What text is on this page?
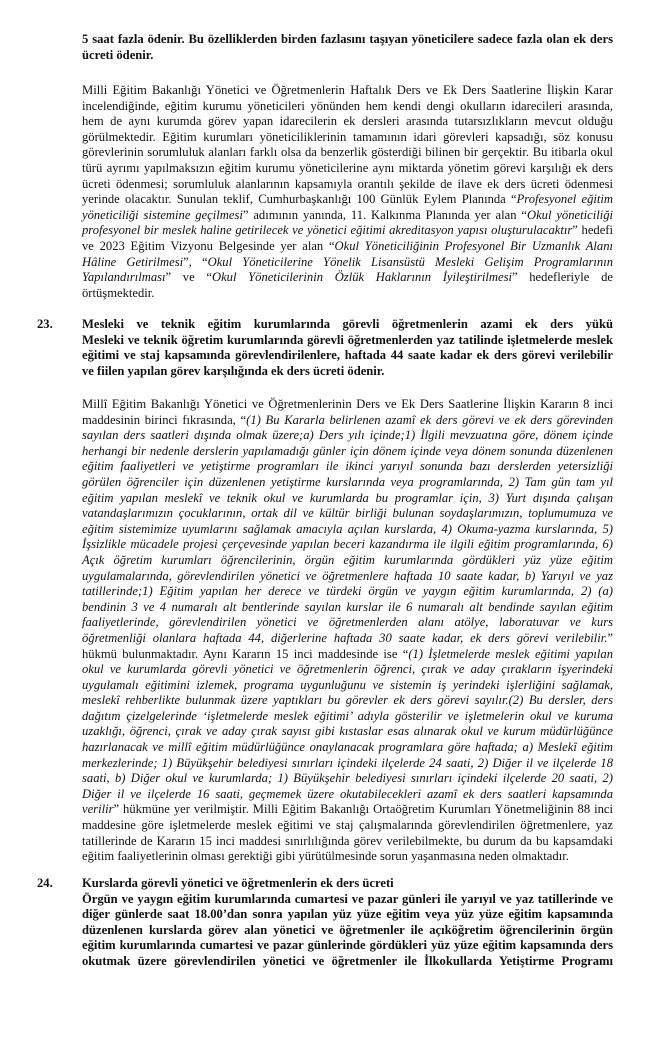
5 saat fazla ödenir. Bu özelliklerden birden fazlasını taşıyan yöneticilere sadece fazla olan ek ders
ücreti ödenir.
Milli Eğitim Bakanlığı Yönetici ve Öğretmenlerin Haftalık Ders ve Ek Ders Saatlerine İlişkin Karar
incelendiğinde, eğitim kurumu yöneticileri yönünden hem kendi dengi okulların idarecileri arasında,
hem de aynı kurumda görev yapan idarecilerin ek dersleri arasında tutarsızlıkların mevcut olduğu
görülmektedir. Eğitim kurumları yöneticiliklerinin tamamının idari görevleri kapsadığı, söz konusu
görevlerinin sorumluluk alanları farklı olsa da benzerlik gösterdiği bilinen bir gerçektir. Bu itibarla okul
türü ayrımı yapılmaksızın eğitim kurumu yöneticilerine aynı miktarda yönetim görevi karşılığı ek ders
ücreti ödenmesi; sorumluluk alanlarının kapsamıyla orantılı şekilde de ilave ek ders ücreti ödenmesi
yerinde olacaktır. Sunulan teklif, Cumhurbaşkanlığı 100 Günlük Eylem Planında “Profesyonel eğitim
yöneticiliği sistemine geçilmesi” adımının yanında, 11. Kalkınma Planında yer alan “Okul yöneticiliği
profesyonel bir meslek haline getirilecek ve yönetici eğitimi akreditasyon yapısı oluşturulacaktır” hedefi
ve 2023 Eğitim Vizyonu Belgesinde yer alan “Okul Yöneticiliğinin Profesyonel Bir Uzmanlık Alanı
Hâline Getirilmesi”, “Okul Yöneticilerine Yönelik Lisansüstü Mesleki Gelişim Programlarının
Yapılandırılması” ve “Okul Yöneticilerinin Özlük Haklarının İyileştirilmesi” hedefleriyle de
örtüşmektedir.
23. Mesleki ve teknik eğitim kurumlarında görevli öğretmenlerin azami ek ders yükü
Mesleki ve teknik öğretim kurumlarında görevli öğretmenlerden yaz tatilinde işletmelerde meslek
eğitimi ve staj kapsamında görevlendirilenlere, haftada 44 saate kadar ek ders görevi verilebilir
ve fiilen yapılan görev karşılığında ek ders ücreti ödenir.
Millî Eğitim Bakanlığı Yönetici ve Öğretmenlerinin Ders ve Ek Ders Saatlerine İlişkin Kararın 8 inci
maddesinin birinci fıkrasında, “(1) Bu Kararla belirlenen azamî ek ders görevi ve ek ders görevinden
sayılan ders saatleri dışında olmak üzere;a) Ders yılı içinde;1) İlgili mevzuatına göre, dönem içinde
herhangi bir nedenle derslerin yapılamadığı günler için dönem içinde veya dönem sonunda düzenlenen
eğitim faaliyetleri ve yetiştirme programları ile ikinci yarıyıl sonunda bazı derslerden yetersizliği
görülen öğrenciler için düzenlenen yetiştirme kurslarında veya programlarında, 2) Tam gün tam yıl
eğitim yapılan meslekî ve teknik okul ve kurumlarda bu programlar için, 3) Yurt dışında çalışan
vatandaşlarımızın çocuklarının, ortak dil ve kültür birliği bulunan soydaşlarımızın, toplumumuza ve
eğitim sistemimize uyumlarını sağlamak amacıyla açılan kurslarda, 4) Okuma-yazma kurslarında, 5)
İşsizlikle mücadele projesi çerçevesinde yapılan beceri kazandırma ile ilgili eğitim programlarında, 6)
Açık öğretim kurumları öğrencilerinin, örgün eğitim kurumlarında gördükleri yüz yüze eğitim
uygulamalarında, görevlendirilen yönetici ve öğretmenlere haftada 10 saate kadar, b) Yarıyıl ve yaz
tatillerinde;1) Eğitim yapılan her derece ve türdeki örgün ve yaygın eğitim kurumlarında, 2) (a)
bendinin 3 ve 4 numaralı alt bentlerinde sayılan kurslar ile 6 numaralı alt bendinde sayılan eğitim
faaliyetlerinde, görevlendirilen yönetici ve öğretmenlerden alanı atölye, laboratuvar ve kurs
öğretmenliği olanlara haftada 44, diğerlerine haftada 30 saate kadar, ek ders görevi verilebilir.”
hükmü bulunmaktadır. Aynı Kararın 15 inci maddesinde ise “(1) İşletmelerde meslek eğitimi yapılan
okul ve kurumlarda görevli yönetici ve öğretmenlerin öğrenci, çırak ve aday çırakların işyerindeki
uygulamalı eğitimini izlemek, programa uygunluğunu ve sistemin iş yerindeki işlerliğini sağlamak,
meslekî rehberlikte bulunmak üzere yaptıkları bu görevler ek ders görevi sayılır.(2) Bu dersler, ders
dağıtım çizelgelerinde ‘işletmelerde meslek eğitimi’ adıyla gösterilir ve işletmelerin okul ve kuruma
uzaklığı, öğrenci, çırak ve aday çırak sayısı gibi kıstaslar esas alınarak okul ve kurum müdürlüğünce
hazırlanacak ve millî eğitim müdürlüğünce onaylanacak programlara göre haftada; a) Meslekî eğitim
merkezlerinde; 1) Büyükşehir belediyesi sınırları içindeki ilçelerde 24 saati, 2) Diğer il ve ilçelerde 18
saati, b) Diğer okul ve kurumlarda; 1) Büyükşehir belediyesi sınırları içindeki ilçelerde 20 saati, 2)
Diğer il ve ilçelerde 16 saati, geçmemek üzere okutabilecekleri azamî ek ders saatleri kapsamında
verilir” hükmüne yer verilmiştir. Milli Eğitim Bakanlığı Ortaöğretim Kurumları Yönetmeliğinin 88 inci
maddesine göre işletmelerde meslek eğitimi ve staj çalışmalarında görevlendirilen öğretmenlere, yaz
tatillerinde de Kararın 15 inci maddesi sınırlılığında görev verilebilmekte, bu durum da bu kapsamdaki
eğitim faaliyetlerinin olması gerektiği gibi yürütülmesinde sorun yaşanmasına neden olmaktadır.
24. Kurslarda görevli yönetici ve öğretmenlerin ek ders ücreti
Örgün ve yaygın eğitim kurumlarında cumartesi ve pazar günleri ile yarıyıl ve yaz tatillerinde ve
diğer günlerde saat 18.00’dan sonra yapılan yüz yüze eğitim veya yüz yüze eğitim kapsamında
düzenlenen kurslarda görev alan yönetici ve öğretmenler ile açıköğretim öğrencilerinin örgün
eğitim kurumlarında cumartesi ve pazar günlerinde gördükleri yüz yüze eğitim kapsamında ders
okutmak üzere görevlendirilen yönetici ve öğretmenler ile İlkokullarda Yetiştirme Programı
